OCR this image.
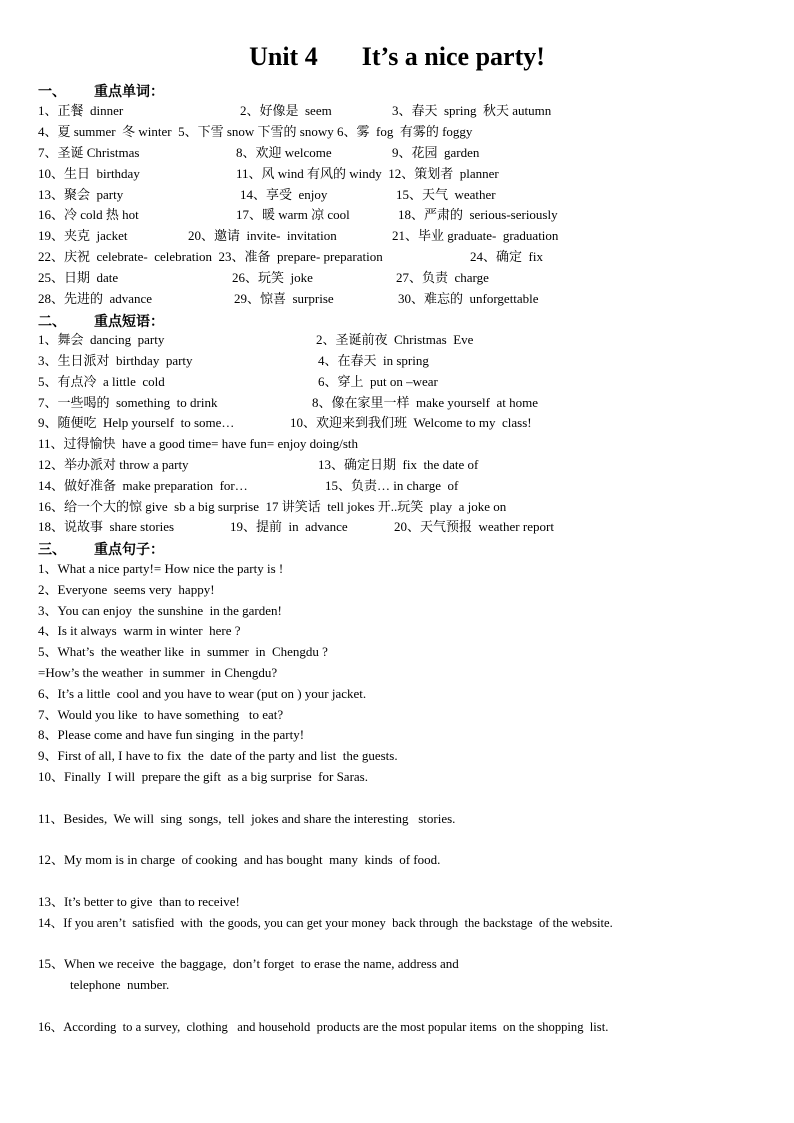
Unit 4 It’s a nice party!
一、 重点单词：
1、正餐  dinner	2、好像是  seem	3、春天  spring  秋天 autumn
4、夏 summer  冬 winter  5、下雪 snow 下雪的 snowy 6、雾  fog  有雾的 foggy
7、圣诞 Christmas	8、欢迎 welcome	9、花园  garden
10、生日  birthday	11、风 wind 有风的 windy  12、策划者  planner
13、聚会  party	14、享受  enjoy	15、天气  weather
16、冷 cold 热 hot	17、暖 warm 凉 cool	18、严肃的  serious-seriously
19、夹克  jacket	20、邀请  invite-  invitation	21、毕业 graduate-  graduation
22、庆祝  celebrate-  celebration  23、准备  prepare- preparation	24、确定  fix
25、日期  date	26、玩笑  joke	27、负责  charge
28、先进的  advance	29、惊喜  surprise	30、难忘的  unforgettable
二、 重点短语：
1、舞会  dancing  party	2、圣诞前夜  Christmas  Eve
3、生日派对  birthday  party	4、在春天  in spring
5、有点冷  a little  cold	6、穿上  put on –wear
7、一些喝的  something  to drink	8、像在家里一样  make yourself  at home
9、随便吃  Help yourself  to some…	10、欢迎来到我们班  Welcome to my  class!
11、过得愉快  have a good time= have fun= enjoy doing/sth
12、举办派对 throw a party	13、确定日期  fix  the date of
14、做好准备  make preparation  for…	15、负责… in charge  of
16、给一个大的惊 give  sb a big surprise  17 讲笑话  tell jokes 开..玩笑  play  a joke on
18、说故事  share stories	19、提前  in  advance	20、天气预报  weather report
三、 重点句子：
1、What a nice party!= How nice the party is !
2、Everyone  seems very  happy!
3、You can enjoy  the sunshine  in the garden!
4、Is it always  warm in winter  here ?
5、What’s  the weather like  in  summer  in  Chengdu ?
=How’s the weather  in summer  in Chengdu?
6、It’s a little  cool and you have to wear (put on ) your jacket.
7、Would you like  to have something   to eat?
8、Please come and have fun singing  in the party!
9、First of all, I have to fix  the  date of the party and list  the guests.
10、Finally  I will  prepare the gift  as a big surprise  for Saras.
11、Besides,  We will  sing  songs,  tell  jokes and share the interesting   stories.
12、My mom is in charge  of cooking  and has bought  many  kinds  of food.
13、It’s better to give  than to receive!
14、If you aren’t  satisfied  with  the goods, you can get your money  back through  the backstage  of the website.
15、When we receive  the baggage,  don’t forget  to erase the name, address and
telephone  number.
16、According  to a survey,  clothing   and household  products are the most popular items  on the shopping  list.
